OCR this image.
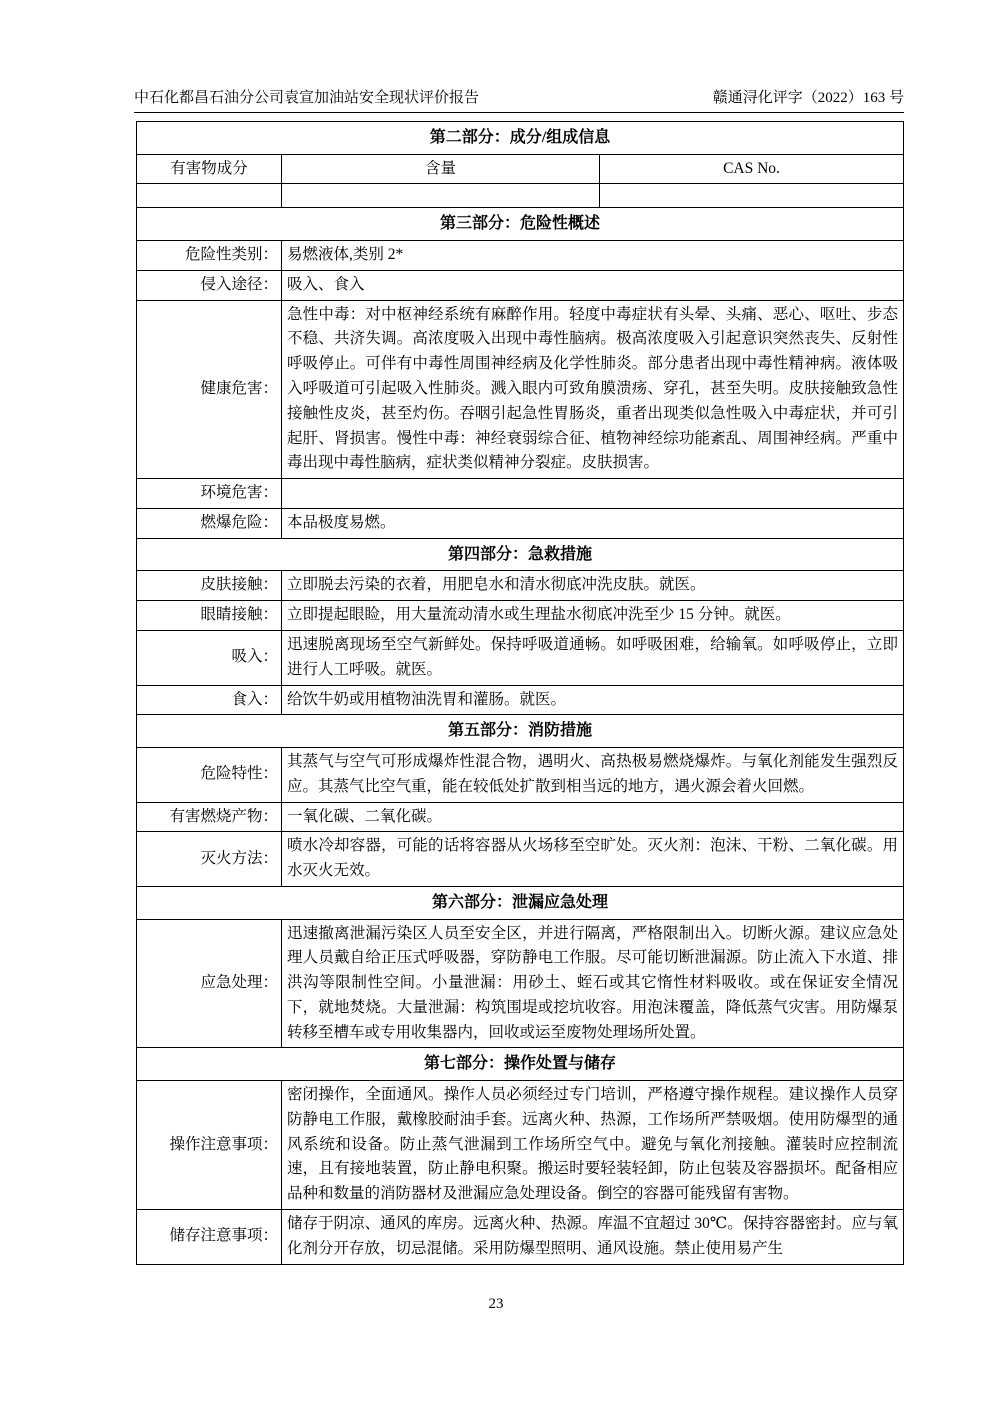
中石化都昌石油分公司袁宣加油站安全现状评价报告	赣通浔化评字（2022）163 号
第二部分：成分/组成信息		
有害物成分	含量	CAS No.

第三部分：危险性概述		
危险性类别：	易燃液体,类别 2*	
侵入途径：	吸入、食入	
健康危害：	急性中毒：对中枢神经系统有麻醉作用。轻度中毒症状有头晕、头痛、恶心、呕吐、步态不稳、共济失调。高浓度吸入出现中毒性脑病。极高浓度吸入引起意识突然丧失、反射性呼吸停止。可伴有中毒性周围神经病及化学性肺炎。部分患者出现中毒性精神病。液体吸入呼吸道可引起吸入性肺炎。溅入眼内可致角膜溃疡、穿孔，甚至失明。皮肤接触致急性接触性皮炎，甚至灼伤。吞咽引起急性胃肠炎，重者出现类似急性吸入中毒症状，并可引起肝、肾损害。慢性中毒：神经衰弱综合征、植物神经综功能紊乱、周围神经病。严重中毒出现中毒性脑病，症状类似精神分裂症。皮肤损害。	
环境危害：		
燃爆危险：	本品极度易燃。	
第四部分：急救措施		
皮肤接触：	立即脱去污染的衣着，用肥皂水和清水彻底冲洗皮肤。就医。	
眼睛接触：	立即提起眼睑，用大量流动清水或生理盐水彻底冲洗至少 15 分钟。就医。	
吸入：	迅速脱离现场至空气新鲜处。保持呼吸道通畅。如呼吸困难，给输氧。如呼吸停止，立即进行人工呼吸。就医。	
食入：	给饮牛奶或用植物油洗胃和灌肠。就医。	
第五部分：消防措施		
危险特性：	其蒸气与空气可形成爆炸性混合物，遇明火、高热极易燃烧爆炸。与氧化剂能发生强烈反应。其蒸气比空气重，能在较低处扩散到相当远的地方，遇火源会着火回燃。	
有害燃烧产物：	一氧化碳、二氧化碳。	
灭火方法：	喷水冷却容器，可能的话将容器从火场移至空旷处。灭火剂：泡沫、干粉、二氧化碳。用水灭火无效。	
第六部分：泄漏应急处理		
应急处理：	迅速撤离泄漏污染区人员至安全区，并进行隔离，严格限制出入。切断火源。建议应急处理人员戴自给正压式呼吸器，穿防静电工作服。尽可能切断泄漏源。防止流入下水道、排洪沟等限制性空间。小量泄漏：用砂土、蛭石或其它惰性材料吸收。或在保证安全情况下，就地焚烧。大量泄漏：构筑围堤或挖坑收容。用泡沫覆盖，降低蒸气灾害。用防爆泵转移至槽车或专用收集器内，回收或运至废物处理场所处置。	
第七部分：操作处置与储存		
操作注意事项：	密闭操作，全面通风。操作人员必须经过专门培训，严格遵守操作规程。建议操作人员穿防静电工作服，戴橡胶耐油手套。远离火种、热源，工作场所严禁吸烟。使用防爆型的通风系统和设备。防止蒸气泄漏到工作场所空气中。避免与氧化剂接触。灌装时应控制流速，且有接地装置，防止静电积聚。搬运时要轻装轻卸，防止包装及容器损坏。配备相应品种和数量的消防器材及泄漏应急处理设备。倒空的容器可能残留有害物。	
储存注意事项：	储存于阴凉、通风的库房。远离火种、热源。库温不宜超过 30℃。保持容器密封。应与氧化剂分开存放，切忌混储。采用防爆型照明、通风设施。禁止使用易产生	
23
